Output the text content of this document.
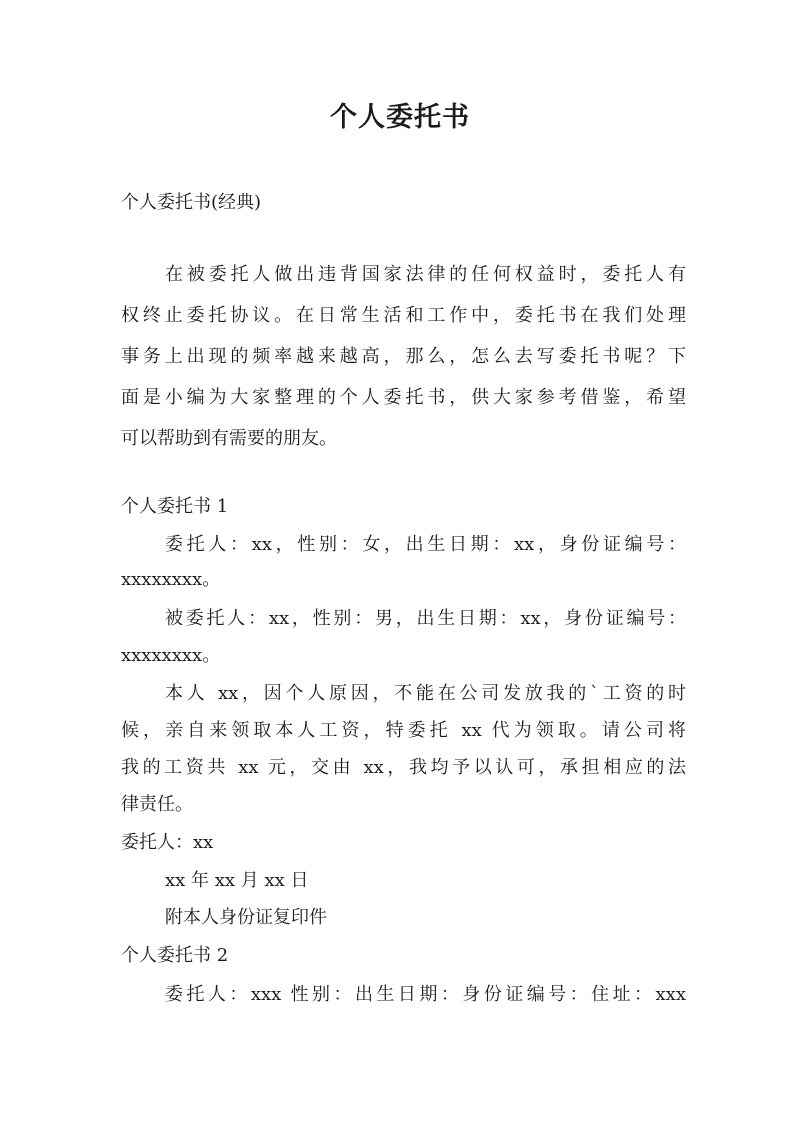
个人委托书
个人委托书(经典)
在被委托人做出违背国家法律的任何权益时，委托人有
权终止委托协议。在日常生活和工作中，委托书在我们处理
事务上出现的频率越来越高，那么，怎么去写委托书呢？下
面是小编为大家整理的个人委托书，供大家参考借鉴，希望
可以帮助到有需要的朋友。
个人委托书 1
委托人：xx，性别：女，出生日期：xx，身份证编号：
xxxxxxxx。
被委托人：xx，性别：男，出生日期：xx，身份证编号：
xxxxxxxx。
本人 xx，因个人原因，不能在公司发放我的`工资的时
候，亲自来领取本人工资，特委托 xx 代为领取。请公司将
我的工资共 xx 元，交由 xx，我均予以认可，承担相应的法
律责任。
委托人：xx
xx 年 xx 月 xx 日
附本人身份证复印件
个人委托书 2
委托人：xxx 性别：出生日期：身份证编号：住址：xxx
